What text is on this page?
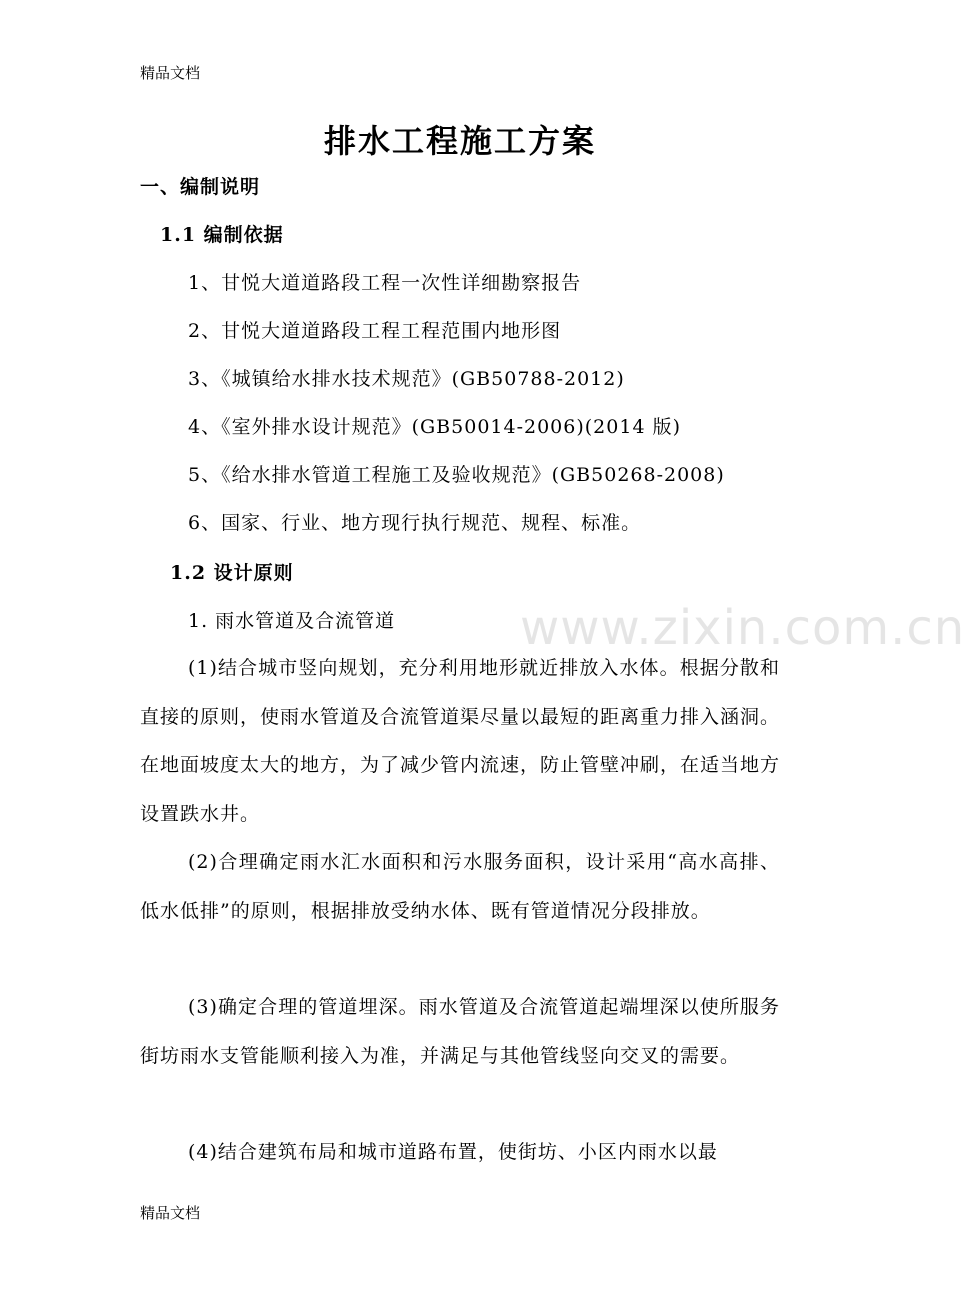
精品文档
排水工程施工方案
一、编制说明
1.1 编制依据
1、甘悦大道道路段工程一次性详细勘察报告
2、甘悦大道道路段工程工程范围内地形图
3、《城镇给水排水技术规范》(GB50788-2012)
4、《室外排水设计规范》(GB50014-2006)(2014 版)
5、《给水排水管道工程施工及验收规范》(GB50268-2008)
6、国家、行业、地方现行执行规范、规程、标准。
1.2 设计原则
1. 雨水管道及合流管道	www.zixin.com.cn
(1)结合城市竖向规划，充分利用地形就近排放入水体。根据分散和直接的原则，使雨水管道及合流管道渠尽量以最短的距离重力排入涵洞。在地面坡度太大的地方，为了减少管内流速，防止管壁冲刷，在适当地方设置跌水井。
(2)合理确定雨水汇水面积和污水服务面积，设计采用“高水高排、低水低排”的原则，根据排放受纳水体、既有管道情况分段排放。
(3)确定合理的管道埋深。雨水管道及合流管道起端埋深以使所服务街坊雨水支管能顺利接入为准，并满足与其他管线竖向交叉的需要。
(4)结合建筑布局和城市道路布置，使街坊、小区内雨水以最
精品文档
